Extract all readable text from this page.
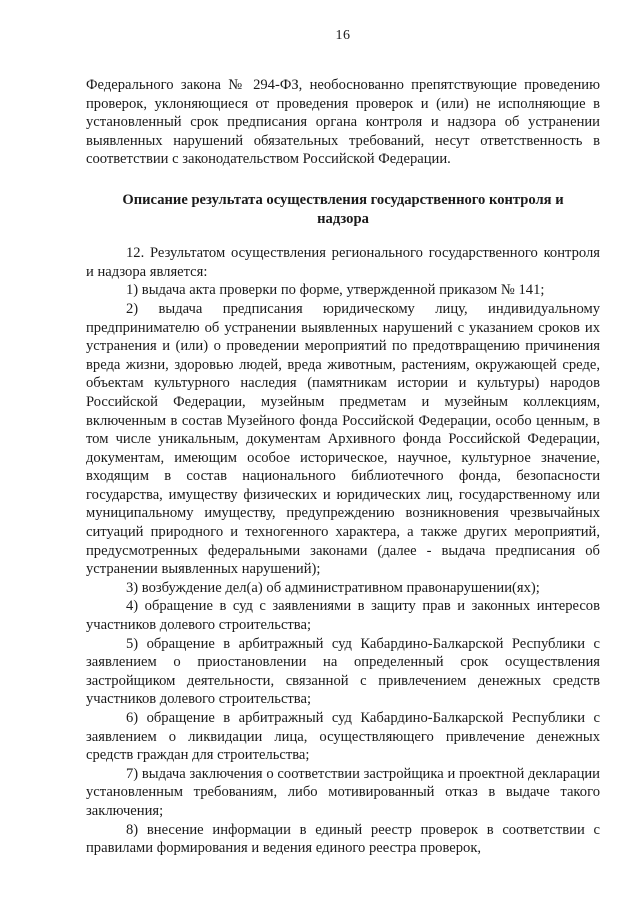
16

Федерального закона № 294-ФЗ, необоснованно препятствующие проведению проверок, уклоняющиеся от проведения проверок и (или) не исполняющие в установленный срок предписания органа контроля и надзора об устранении выявленных нарушений обязательных требований, несут ответственность в соответствии с законодательством Российской Федерации.

Описание результата осуществления государственного контроля и надзора

12. Результатом осуществления регионального государственного контроля и надзора является:

1) выдача акта проверки по форме, утвержденной приказом № 141;

2) выдача предписания юридическому лицу, индивидуальному предпринимателю об устранении выявленных нарушений с указанием сроков их устранения и (или) о проведении мероприятий по предотвращению причинения вреда жизни, здоровью людей, вреда животным, растениям, окружающей среде, объектам культурного наследия (памятникам истории и культуры) народов Российской Федерации, музейным предметам и музейным коллекциям, включенным в состав Музейного фонда Российской Федерации, особо ценным, в том числе уникальным, документам Архивного фонда Российской Федерации, документам, имеющим особое историческое, научное, культурное значение, входящим в состав национального библиотечного фонда, безопасности государства, имуществу физических и юридических лиц, государственному или муниципальному имуществу, предупреждению возникновения чрезвычайных ситуаций природного и техногенного характера, а также других мероприятий, предусмотренных федеральными законами (далее - выдача предписания об устранении выявленных нарушений);

3) возбуждение дел(а) об административном правонарушении(ях);

4) обращение в суд с заявлениями в защиту прав и законных интересов участников долевого строительства;

5) обращение в арбитражный суд Кабардино-Балкарской Республики с заявлением о приостановлении на определенный срок осуществления застройщиком деятельности, связанной с привлечением денежных средств участников долевого строительства;

6) обращение в арбитражный суд Кабардино-Балкарской Республики с заявлением о ликвидации лица, осуществляющего привлечение денежных средств граждан для строительства;

7) выдача заключения о соответствии застройщика и проектной декларации установленным требованиям, либо мотивированный отказ в выдаче такого заключения;

8) внесение информации в единый реестр проверок в соответствии с правилами формирования и ведения единого реестра проверок,
